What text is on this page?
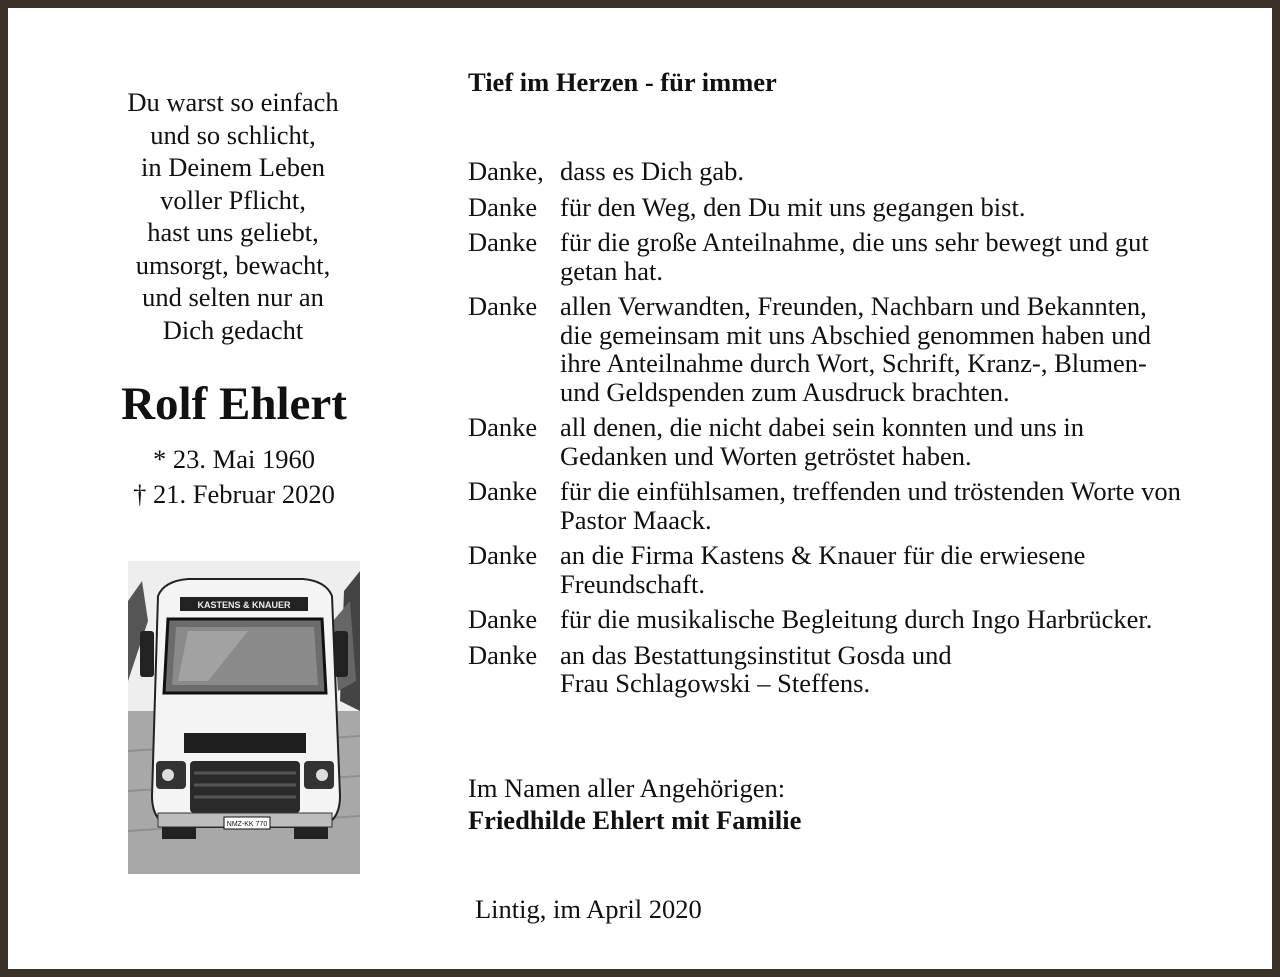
Du warst so einfach
und so schlicht,
in Deinem Leben
voller Pflicht,
hast uns geliebt,
umsorgt, bewacht,
und selten nur an
Dich gedacht
Rolf Ehlert
* 23. Mai 1960
† 21. Februar 2020
KASTENS & KNAUER
NMZ-KK 770
Tief im Herzen - für immer
Danke, dass es Dich gab.
Danke für den Weg, den Du mit uns gegangen bist.
Danke für die große Anteilnahme, die uns sehr bewegt und gut
getan hat.
Danke allen Verwandten, Freunden, Nachbarn und Bekannten,
die gemeinsam mit uns Abschied genommen haben und
ihre Anteilnahme durch Wort, Schrift, Kranz-, Blumen-
und Geldspenden zum Ausdruck brachten.
Danke all denen, die nicht dabei sein konnten und uns in
Gedanken und Worten getröstet haben.
Danke für die einfühlsamen, treffenden und tröstenden Worte von
Pastor Maack.
Danke an die Firma Kastens & Knauer für die erwiesene
Freundschaft.
Danke für die musikalische Begleitung durch Ingo Harbrücker.
Danke an das Bestattungsinstitut Gosda und
Frau Schlagowski – Steffens.
Im Namen aller Angehörigen:
Friedhilde Ehlert mit Familie
Lintig, im April 2020
